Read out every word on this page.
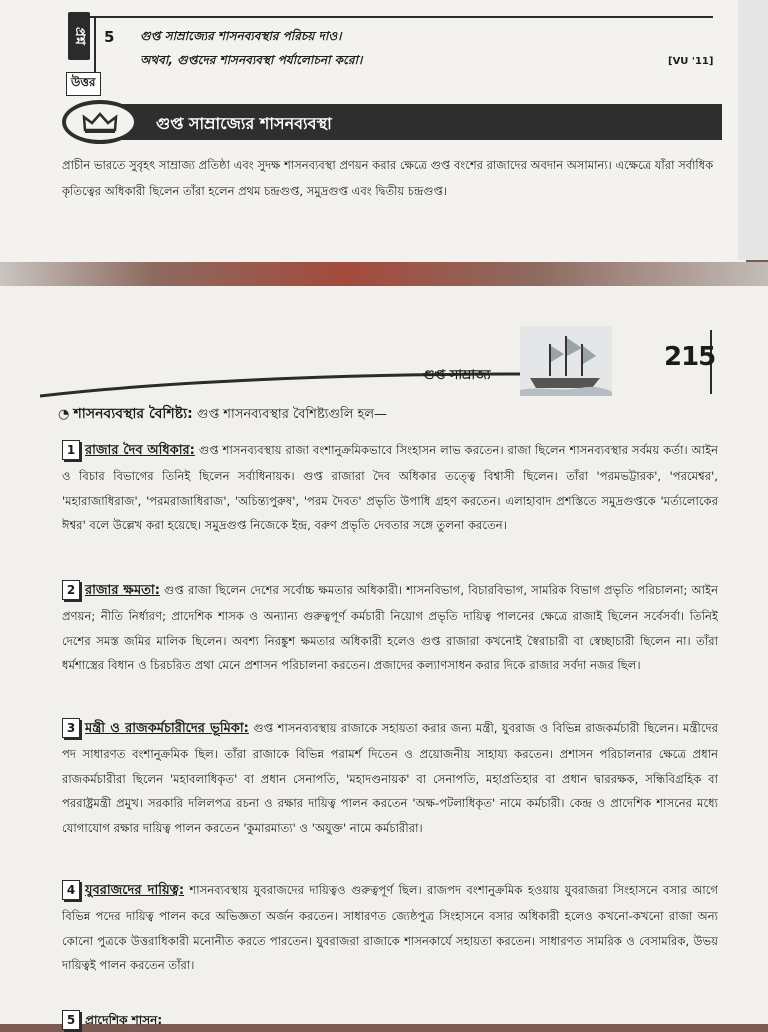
প্রশ্ন 5 গুপ্ত সাম্রাজ্যের শাসনব্যবস্থার পরিচয় দাও।
অথবা, গুপ্তদের শাসনব্যবস্থা পর্যালোচনা করো।	[VU '11]
উত্তর
গুপ্ত সাম্রাজ্যের শাসনব্যবস্থা
প্রাচীন ভারতে সুবৃহৎ সাম্রাজ্য প্রতিষ্ঠা এবং সুদক্ষ শাসনব্যবস্থা প্রণয়ন করার ক্ষেত্রে গুপ্ত বংশের রাজাদের অবদান অসামান্য। এক্ষেত্রে যাঁরা সর্বাধিক কৃতিত্বের অধিকারী ছিলেন তাঁরা হলেন প্রথম চন্দ্রগুপ্ত, সমুদ্রগুপ্ত এবং দ্বিতীয় চন্দ্রগুপ্ত।
গুপ্ত সাম্রাজ্য
215
◔ শাসনব্যবস্থার বৈশিষ্ট্য: গুপ্ত শাসনব্যবস্থার বৈশিষ্ট্যগুলি হল—
1 রাজার দৈব অধিকার: গুপ্ত শাসনব্যবস্থায় রাজা বংশানুক্রমিকভাবে সিংহাসন লাভ করতেন। রাজা ছিলেন শাসনব্যবস্থার সর্বময় কর্তা। আইন ও বিচার বিভাগের তিনিই ছিলেন সর্বাধিনায়ক। গুপ্ত রাজারা দৈব অধিকার তত্ত্বে বিশ্বাসী ছিলেন। তাঁরা 'পরমভট্টারক', 'পরমেশ্বর', 'মহারাজাধিরাজ', 'পরমরাজাধিরাজ', 'অচিন্ত্যপুরুষ', 'পরম দৈবত' প্রভৃতি উপাধি গ্রহণ করতেন। এলাহাবাদ প্রশস্তিতে সমুদ্রগুপ্তকে 'মর্ত্যলোকের ঈশ্বর' বলে উল্লেখ করা হয়েছে। সমুদ্রগুপ্ত নিজেকে ইন্দ্র, বরুণ প্রভৃতি দেবতার সঙ্গে তুলনা করতেন।
2 রাজার ক্ষমতা: গুপ্ত রাজা ছিলেন দেশের সর্বোচ্চ ক্ষমতার অধিকারী। শাসনবিভাগ, বিচারবিভাগ, সামরিক বিভাগ প্রভৃতি পরিচালনা; আইন প্রণয়ন; নীতি নির্ধারণ; প্রাদেশিক শাসক ও অন্যান্য গুরুত্বপূর্ণ কর্মচারী নিয়োগ প্রভৃতি দায়িত্ব পালনের ক্ষেত্রে রাজাই ছিলেন সর্বেসর্বা। তিনিই দেশের সমস্ত জমির মালিক ছিলেন। অবশ্য নিরঙ্কুশ ক্ষমতার অধিকারী হলেও গুপ্ত রাজারা কখনোই স্বৈরাচারী বা স্বেচ্ছাচারী ছিলেন না। তাঁরা ধর্মশাস্ত্রের বিধান ও চিরচরিত প্রথা মেনে প্রশাসন পরিচালনা করতেন। প্রজাদের কল্যাণসাধন করার দিকে রাজার সর্বদা নজর ছিল।
3 মন্ত্রী ও রাজকর্মচারীদের ভূমিকা: গুপ্ত শাসনব্যবস্থায় রাজাকে সহায়তা করার জন্য মন্ত্রী, যুবরাজ ও বিভিন্ন রাজকর্মচারী ছিলেন। মন্ত্রীদের পদ সাধারণত বংশানুক্রমিক ছিল। তাঁরা রাজাকে বিভিন্ন পরামর্শ দিতেন ও প্রয়োজনীয় সাহায্য করতেন। প্রশাসন পরিচালনার ক্ষেত্রে প্রধান রাজকর্মচারীরা ছিলেন 'মহাবলাধিকৃত' বা প্রধান সেনাপতি, 'মহাদণ্ডনায়ক' বা সেনাপতি, মহাপ্রতিহার বা প্রধান দ্বাররক্ষক, সন্ধিবিগ্রহিক বা পররাষ্ট্রমন্ত্রী প্রমুখ। সরকারি দলিলপত্র রচনা ও রক্ষার দায়িত্ব পালন করতেন 'অক্ষ-পটলাধিকৃত' নামে কর্মচারী। কেন্দ্র ও প্রাদেশিক শাসনের মধ্যে যোগাযোগ রক্ষার দায়িত্ব পালন করতেন 'কুমারমাত্য' ও 'অযুক্ত' নামে কর্মচারীরা।
4 যুবরাজদের দায়িত্ব: শাসনব্যবস্থায় যুবরাজদের দায়িত্বও গুরুত্বপূর্ণ ছিল। রাজপদ বংশানুক্রমিক হওয়ায় যুবরাজরা সিংহাসনে বসার আগে বিভিন্ন পদের দায়িত্ব পালন করে অভিজ্ঞতা অর্জন করতেন। সাধারণত জ্যেষ্ঠপুত্র সিংহাসনে বসার অধিকারী হলেও কখনো-কখনো রাজা অন্য কোনো পুত্রকে উত্তরাধিকারী মনোনীত করতে পারতেন। যুবরাজরা রাজাকে শাসনকার্যে সহায়তা করতেন। সাধারণত সামরিক ও বেসামরিক, উভয় দায়িত্বই পালন করতেন তাঁরা।
5 প্রাদেশিক শাসন:
